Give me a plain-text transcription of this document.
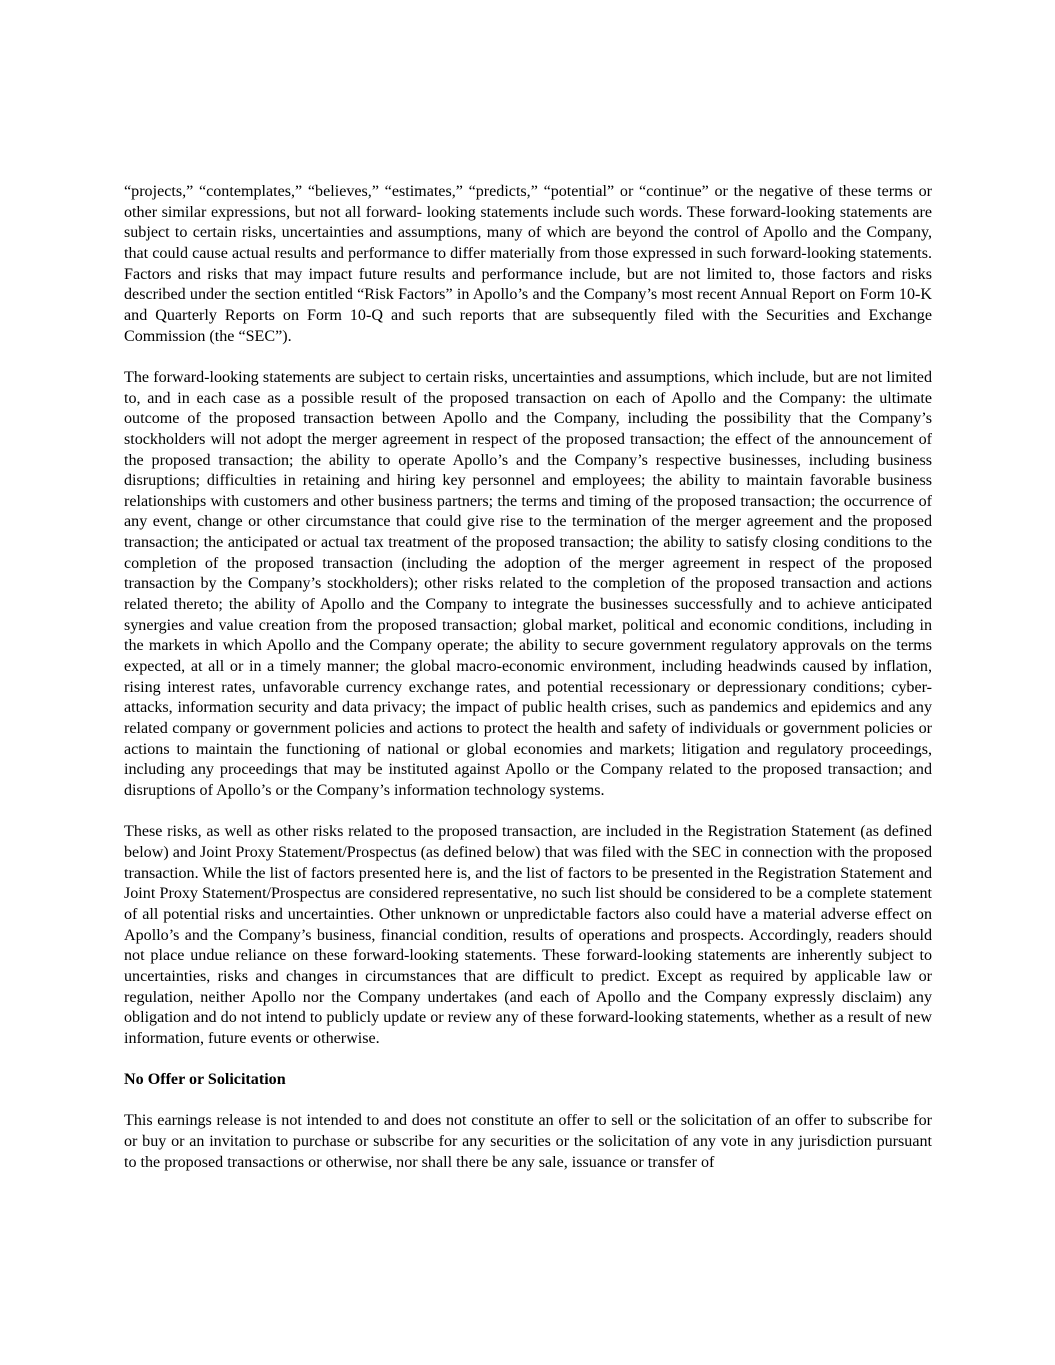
“projects,” “contemplates,” “believes,” “estimates,” “predicts,” “potential” or “continue” or the negative of these terms or other similar expressions, but not all forward- looking statements include such words. These forward-looking statements are subject to certain risks, uncertainties and assumptions, many of which are beyond the control of Apollo and the Company, that could cause actual results and performance to differ materially from those expressed in such forward-looking statements. Factors and risks that may impact future results and performance include, but are not limited to, those factors and risks described under the section entitled “Risk Factors” in Apollo’s and the Company’s most recent Annual Report on Form 10-K and Quarterly Reports on Form 10-Q and such reports that are subsequently filed with the Securities and Exchange Commission (the “SEC”).

The forward-looking statements are subject to certain risks, uncertainties and assumptions, which include, but are not limited to, and in each case as a possible result of the proposed transaction on each of Apollo and the Company: the ultimate outcome of the proposed transaction between Apollo and the Company, including the possibility that the Company’s stockholders will not adopt the merger agreement in respect of the proposed transaction; the effect of the announcement of the proposed transaction; the ability to operate Apollo’s and the Company’s respective businesses, including business disruptions; difficulties in retaining and hiring key personnel and employees; the ability to maintain favorable business relationships with customers and other business partners; the terms and timing of the proposed transaction; the occurrence of any event, change or other circumstance that could give rise to the termination of the merger agreement and the proposed transaction; the anticipated or actual tax treatment of the proposed transaction; the ability to satisfy closing conditions to the completion of the proposed transaction (including the adoption of the merger agreement in respect of the proposed transaction by the Company’s stockholders); other risks related to the completion of the proposed transaction and actions related thereto; the ability of Apollo and the Company to integrate the businesses successfully and to achieve anticipated synergies and value creation from the proposed transaction; global market, political and economic conditions, including in the markets in which Apollo and the Company operate; the ability to secure government regulatory approvals on the terms expected, at all or in a timely manner; the global macro-economic environment, including headwinds caused by inflation, rising interest rates, unfavorable currency exchange rates, and potential recessionary or depressionary conditions; cyber-attacks, information security and data privacy; the impact of public health crises, such as pandemics and epidemics and any related company or government policies and actions to protect the health and safety of individuals or government policies or actions to maintain the functioning of national or global economies and markets; litigation and regulatory proceedings, including any proceedings that may be instituted against Apollo or the Company related to the proposed transaction; and disruptions of Apollo’s or the Company’s information technology systems.

These risks, as well as other risks related to the proposed transaction, are included in the Registration Statement (as defined below) and Joint Proxy Statement/Prospectus (as defined below) that was filed with the SEC in connection with the proposed transaction. While the list of factors presented here is, and the list of factors to be presented in the Registration Statement and Joint Proxy Statement/Prospectus are considered representative, no such list should be considered to be a complete statement of all potential risks and uncertainties. Other unknown or unpredictable factors also could have a material adverse effect on Apollo’s and the Company’s business, financial condition, results of operations and prospects. Accordingly, readers should not place undue reliance on these forward-looking statements. These forward-looking statements are inherently subject to uncertainties, risks and changes in circumstances that are difficult to predict. Except as required by applicable law or regulation, neither Apollo nor the Company undertakes (and each of Apollo and the Company expressly disclaim) any obligation and do not intend to publicly update or review any of these forward-looking statements, whether as a result of new information, future events or otherwise.

No Offer or Solicitation

This earnings release is not intended to and does not constitute an offer to sell or the solicitation of an offer to subscribe for or buy or an invitation to purchase or subscribe for any securities or the solicitation of any vote in any jurisdiction pursuant to the proposed transactions or otherwise, nor shall there be any sale, issuance or transfer of
